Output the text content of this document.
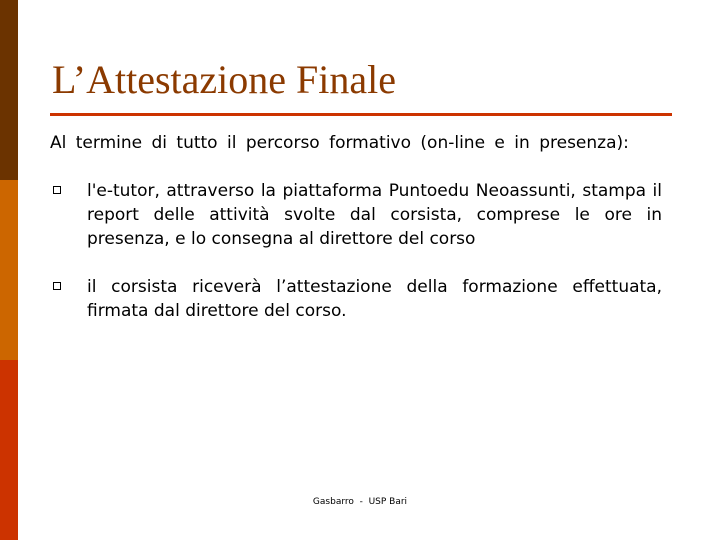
L’Attestazione Finale

Al termine di tutto il percorso formativo (on-line e in presenza):

l'e-tutor, attraverso la piattaforma Puntoedu Neoassunti, stampa il report delle attività svolte dal corsista, comprese le ore in presenza, e lo consegna al direttore del corso

il corsista riceverà l’attestazione della formazione effettuata, firmata dal direttore del corso.

Gasbarro  -  USP Bari
